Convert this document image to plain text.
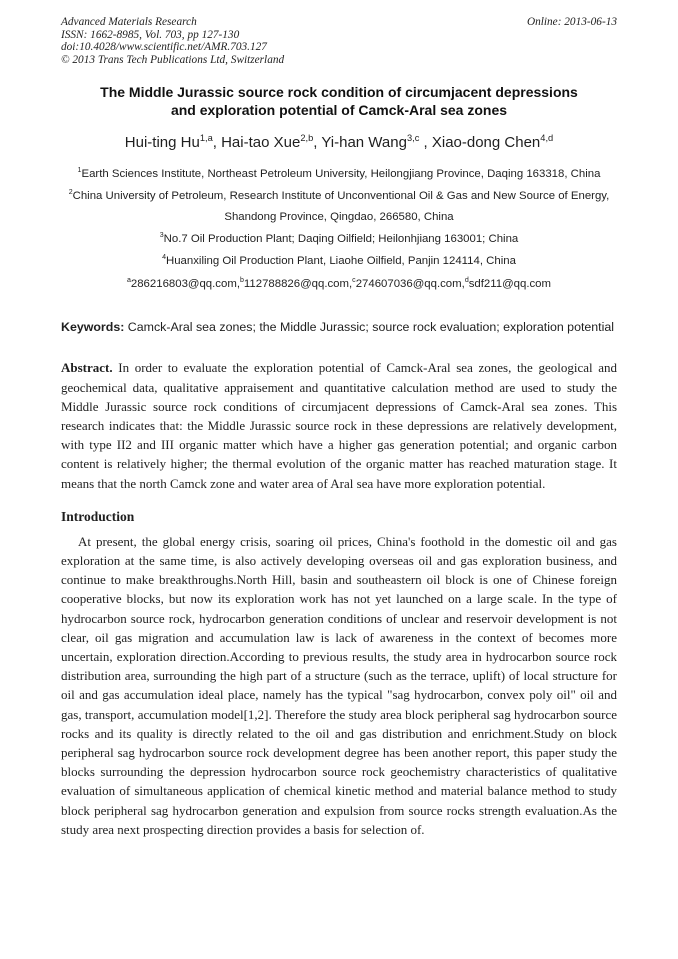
Advanced Materials Research
ISSN: 1662-8985, Vol. 703, pp 127-130
doi:10.4028/www.scientific.net/AMR.703.127
© 2013 Trans Tech Publications Ltd, Switzerland
Online: 2013-06-13
The Middle Jurassic source rock condition of circumjacent depressions
and exploration potential of Camck-Aral sea zones
Hui-ting Hu$^{1,a}$, Hai-tao Xue$^{2,b}$, Yi-han Wang$^{3,c}$ , Xiao-dong Chen$^{4,d}$
$^1$Earth Sciences Institute, Northeast Petroleum University, Heilongjiang Province, Daqing 163318, China
$^2$China University of Petroleum, Research Institute of Unconventional Oil & Gas and New Source of Energy, Shandong Province, Qingdao, 266580, China
$^3$No.7 Oil Production Plant; Daqing Oilfield; Heilonhjiang 163001; China
$^4$Huanxiling Oil Production Plant, Liaohe Oilfield, Panjin 124114, China
$^a$286216803@qq.com,$^b$112788826@qq.com,$^c$274607036@qq.com,$^d$sdf211@qq.com
Keywords: Camck-Aral sea zones; the Middle Jurassic; source rock evaluation; exploration potential
Abstract. In order to evaluate the exploration potential of Camck-Aral sea zones, the geological and geochemical data, qualitative appraisement and quantitative calculation method are used to study the Middle Jurassic source rock conditions of circumjacent depressions of Camck-Aral sea zones. This research indicates that: the Middle Jurassic source rock in these depressions are relatively development, with type II2 and III organic matter which have a higher gas generation potential; and organic carbon content is relatively higher; the thermal evolution of the organic matter has reached maturation stage. It means that the north Camck zone and water area of Aral sea have more exploration potential.
Introduction
At present, the global energy crisis, soaring oil prices, China's foothold in the domestic oil and gas exploration at the same time, is also actively developing overseas oil and gas exploration business, and continue to make breakthroughs.North Hill, basin and southeastern oil block is one of Chinese foreign cooperative blocks, but now its exploration work has not yet launched on a large scale. In the type of hydrocarbon source rock, hydrocarbon generation conditions of unclear and reservoir development is not clear, oil gas migration and accumulation law is lack of awareness in the context of becomes more uncertain, exploration direction.According to previous results, the study area in hydrocarbon source rock distribution area, surrounding the high part of a structure (such as the terrace, uplift) of local structure for oil and gas accumulation ideal place, namely has the typical "sag hydrocarbon, convex poly oil" oil and gas, transport, accumulation model[1,2]. Therefore the study area block peripheral sag hydrocarbon source rocks and its quality is directly related to the oil and gas distribution and enrichment.Study on block peripheral sag hydrocarbon source rock development degree has been another report, this paper study the blocks surrounding the depression hydrocarbon source rock geochemistry characteristics of qualitative evaluation of simultaneous application of chemical kinetic method and material balance method to study block peripheral sag hydrocarbon generation and expulsion from source rocks strength evaluation.As the study area next prospecting direction provides a basis for selection of.
